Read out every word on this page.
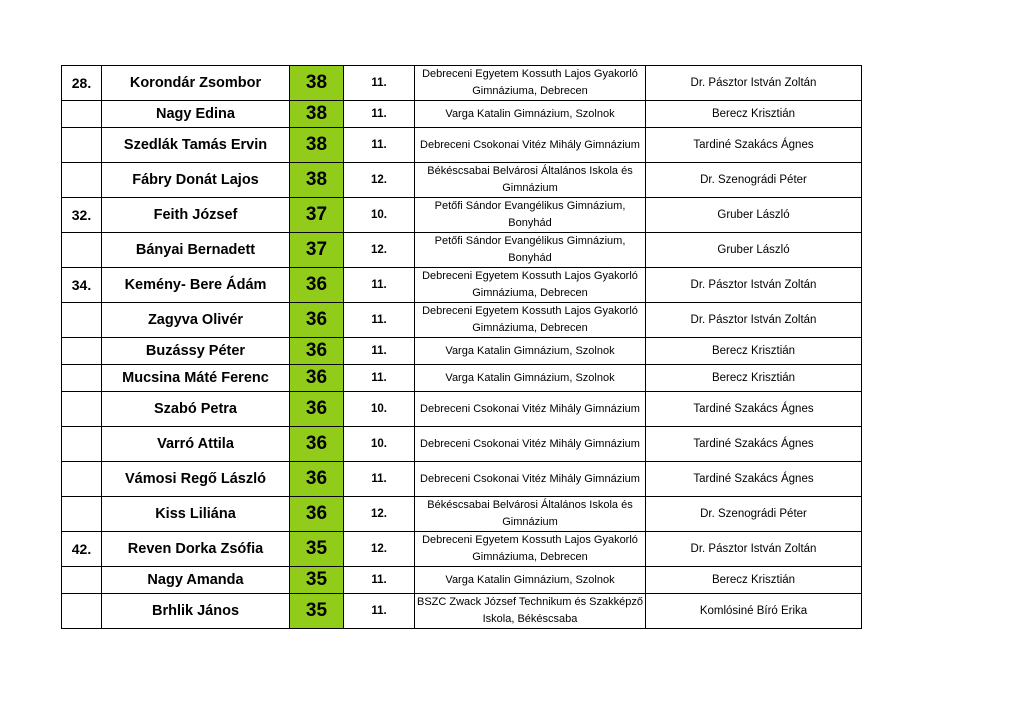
28.	Korondár Zsombor	38	11.	Debreceni Egyetem Kossuth Lajos Gyakorló Gimnáziuma, Debrecen	Dr. Pásztor István Zoltán
	Nagy Edina	38	11.	Varga Katalin Gimnázium, Szolnok	Berecz Krisztián
	Szedlák Tamás Ervin	38	11.	Debreceni Csokonai Vitéz Mihály Gimnázium	Tardiné Szakács Ágnes
	Fábry Donát Lajos	38	12.	Békéscsabai Belvárosi Általános Iskola és Gimnázium	Dr. Szenográdi Péter
32.	Feith József	37	10.	Petőfi Sándor Evangélikus Gimnázium, Bonyhád	Gruber László
	Bányai Bernadett	37	12.	Petőfi Sándor Evangélikus Gimnázium, Bonyhád	Gruber László
34.	Kemény- Bere Ádám	36	11.	Debreceni Egyetem Kossuth Lajos Gyakorló Gimnáziuma, Debrecen	Dr. Pásztor István Zoltán
	Zagyva Olivér	36	11.	Debreceni Egyetem Kossuth Lajos Gyakorló Gimnáziuma, Debrecen	Dr. Pásztor István Zoltán
	Buzássy Péter	36	11.	Varga Katalin Gimnázium, Szolnok	Berecz Krisztián
	Mucsina Máté Ferenc	36	11.	Varga Katalin Gimnázium, Szolnok	Berecz Krisztián
	Szabó Petra	36	10.	Debreceni Csokonai Vitéz Mihály Gimnázium	Tardiné Szakács Ágnes
	Varró Attila	36	10.	Debreceni Csokonai Vitéz Mihály Gimnázium	Tardiné Szakács Ágnes
	Vámosi Regő László	36	11.	Debreceni Csokonai Vitéz Mihály Gimnázium	Tardiné Szakács Ágnes
	Kiss Liliána	36	12.	Békéscsabai Belvárosi Általános Iskola és Gimnázium	Dr. Szenográdi Péter
42.	Reven Dorka Zsófia	35	12.	Debreceni Egyetem Kossuth Lajos Gyakorló Gimnáziuma, Debrecen	Dr. Pásztor István Zoltán
	Nagy Amanda	35	11.	Varga Katalin Gimnázium, Szolnok	Berecz Krisztián
	Brhlik János	35	11.	BSZC Zwack József Technikum és Szakképző Iskola, Békéscsaba	Komlósiné Bíró Erika
